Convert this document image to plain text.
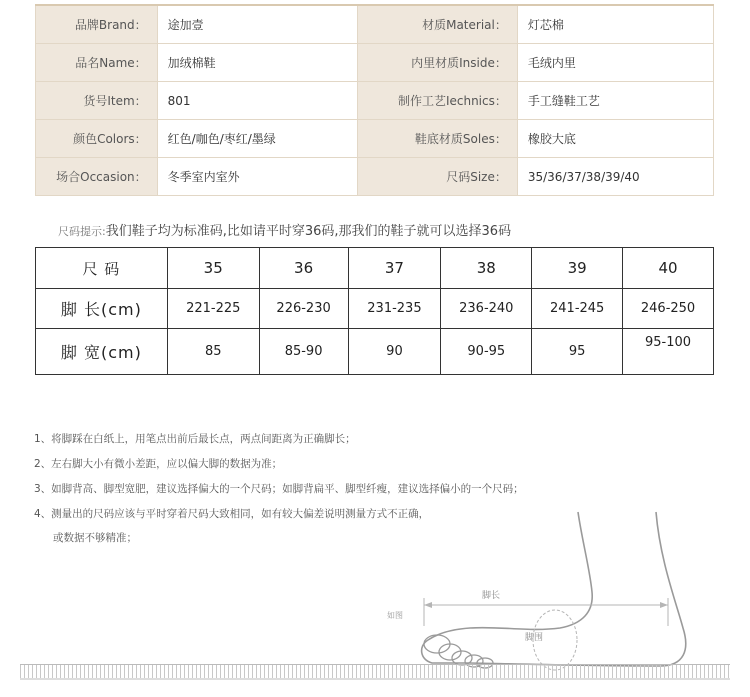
品牌Brand：	途加壹	材质Material：	灯芯棉
品名Name：	加绒棉鞋	内里材质Inside：	毛绒内里
货号Item：	801	制作工艺Iechnics：	手工缝鞋工艺
颜色Colors：	红色/咖色/枣红/墨绿	鞋底材质Soles：	橡胶大底
场合Occasion：	冬季室内室外	尺码Size：	35/36/37/38/39/40
尺码提示:我们鞋子均为标准码,比如请平时穿36码,那我们的鞋子就可以选择36码
尺 码	35	36	37	38	39	40
脚 长(cm)	221-225	226-230	231-235	236-240	241-245	246-250
脚 宽(cm)	85	85-90	90	90-95	95	95-100
1、将脚踩在白纸上，用笔点出前后最长点，两点间距离为正确脚长；
2、左右脚大小有微小差距，应以偏大脚的数据为准；
3、如脚背高、脚型宽肥，建议选择偏大的一个尺码；如脚背扁平、脚型纤瘦，建议选择偏小的一个尺码；
4、测量出的尺码应该与平时穿着尺码大致相同，如有较大偏差说明测量方式不正确，
或数据不够精准；
脚长
脚围
如图
